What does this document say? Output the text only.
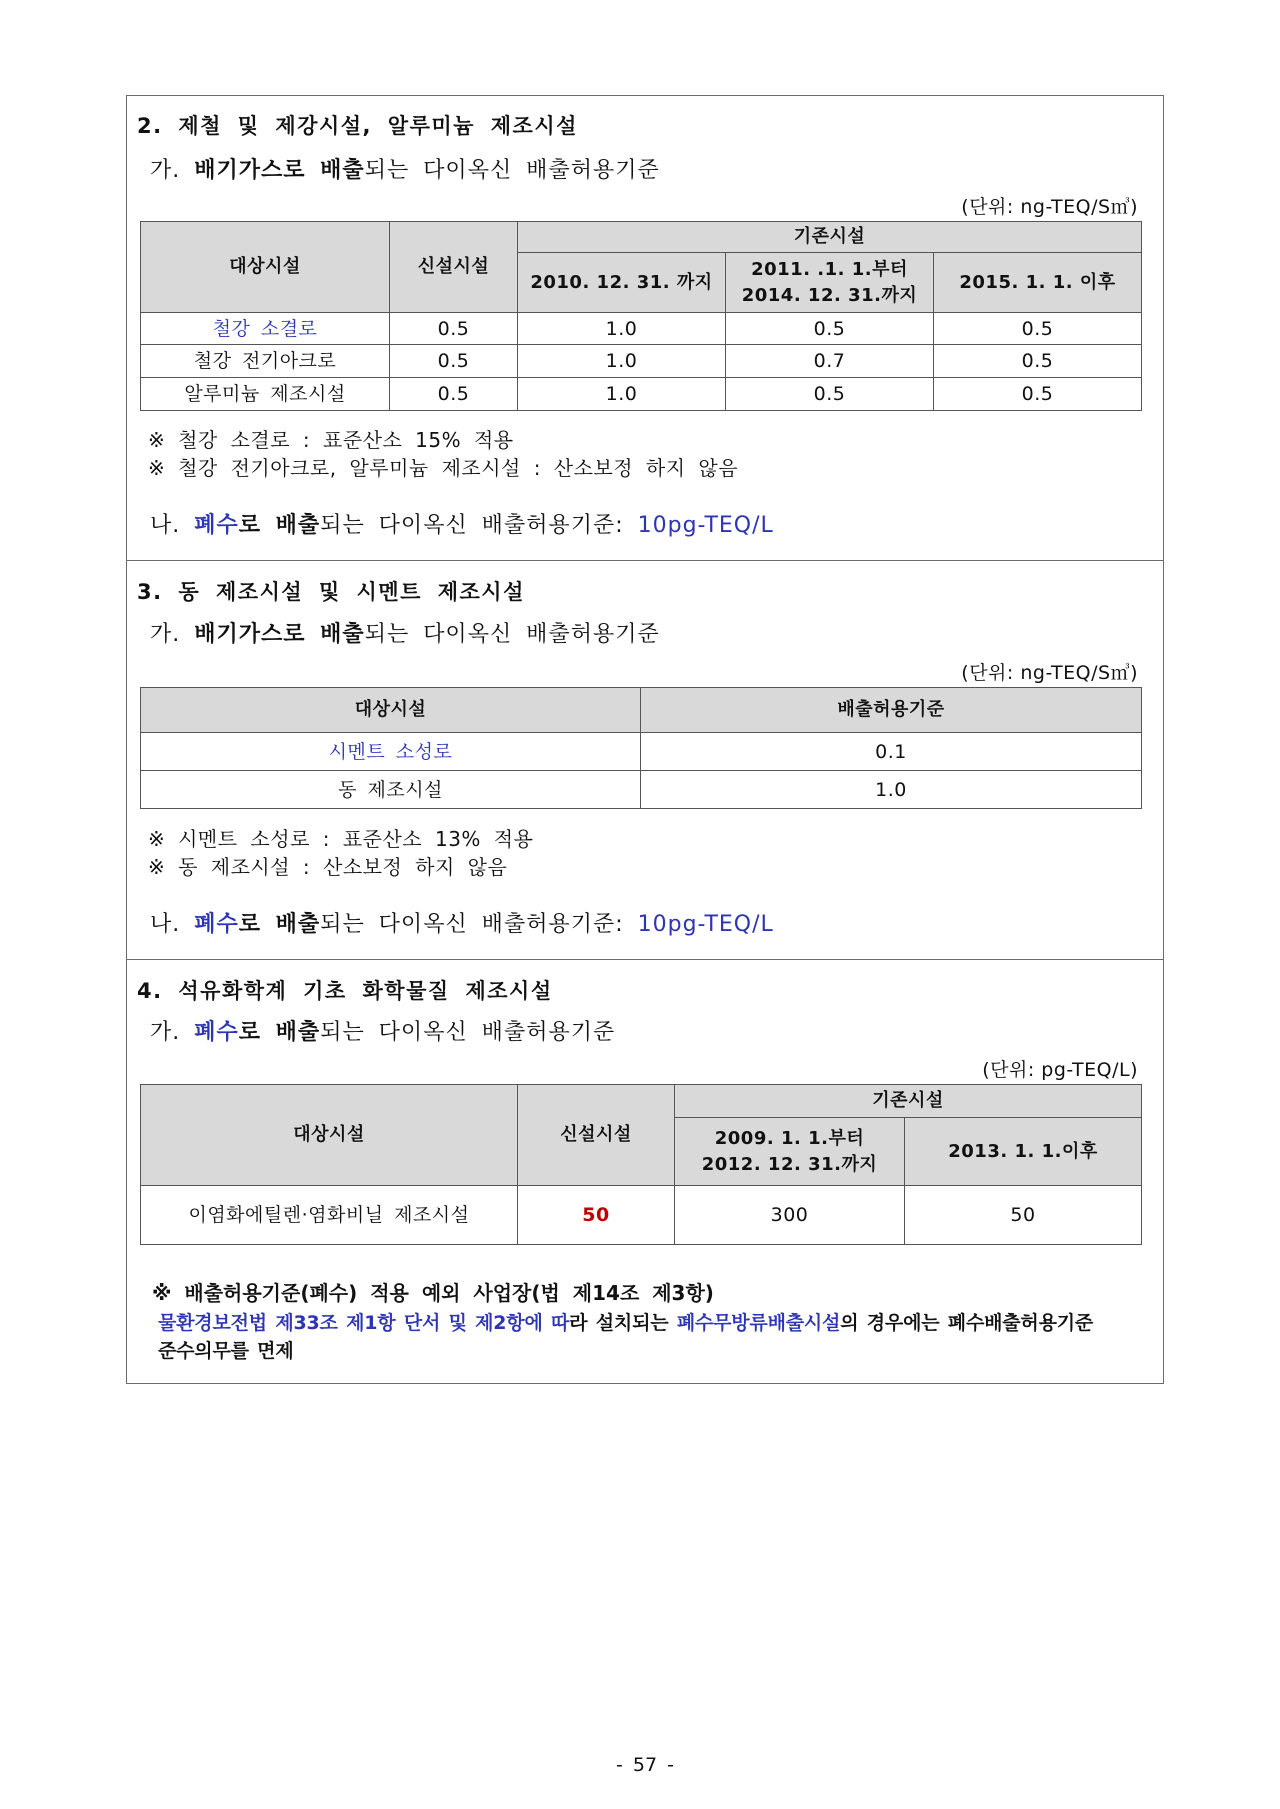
2. 제철 및 제강시설, 알루미늄 제조시설
가. 배기가스로 배출되는 다이옥신 배출허용기준
(단위: ng-TEQ/S㎥)
대상시설	신설시설	기존시설		
		2010. 12. 31. 까지	2011. .1. 1.부터
2014. 12. 31.까지	2015. 1. 1. 이후
철강 소결로	0.5	1.0	0.5	0.5
철강 전기아크로	0.5	1.0	0.7	0.5
알루미늄 제조시설	0.5	1.0	0.5	0.5
※ 철강 소결로 : 표준산소 15% 적용
※ 철강 전기아크로, 알루미늄 제조시설 : 산소보정 하지 않음
나. 폐수로 배출되는 다이옥신 배출허용기준: 10pg-TEQ/L
3. 동 제조시설 및 시멘트 제조시설
가. 배기가스로 배출되는 다이옥신 배출허용기준
(단위: ng-TEQ/S㎥)
대상시설	배출허용기준
시멘트 소성로	0.1
동 제조시설	1.0
※ 시멘트 소성로 : 표준산소 13% 적용
※ 동 제조시설 : 산소보정 하지 않음
나. 폐수로 배출되는 다이옥신 배출허용기준: 10pg-TEQ/L
4. 석유화학계 기초 화학물질 제조시설
가. 폐수로 배출되는 다이옥신 배출허용기준
(단위: pg-TEQ/L)
대상시설	신설시설	기존시설	
		2009. 1. 1.부터
2012. 12. 31.까지	2013. 1. 1.이후
이염화에틸렌·염화비닐 제조시설	50	300	50
※ 배출허용기준(폐수) 적용 예외 사업장(법 제14조 제3항)
물환경보전법 제33조 제1항 단서 및 제2항에 따라 설치되는 폐수무방류배출시설의 경우에는 폐수배출허용기준
준수의무를 면제
- 57 -
